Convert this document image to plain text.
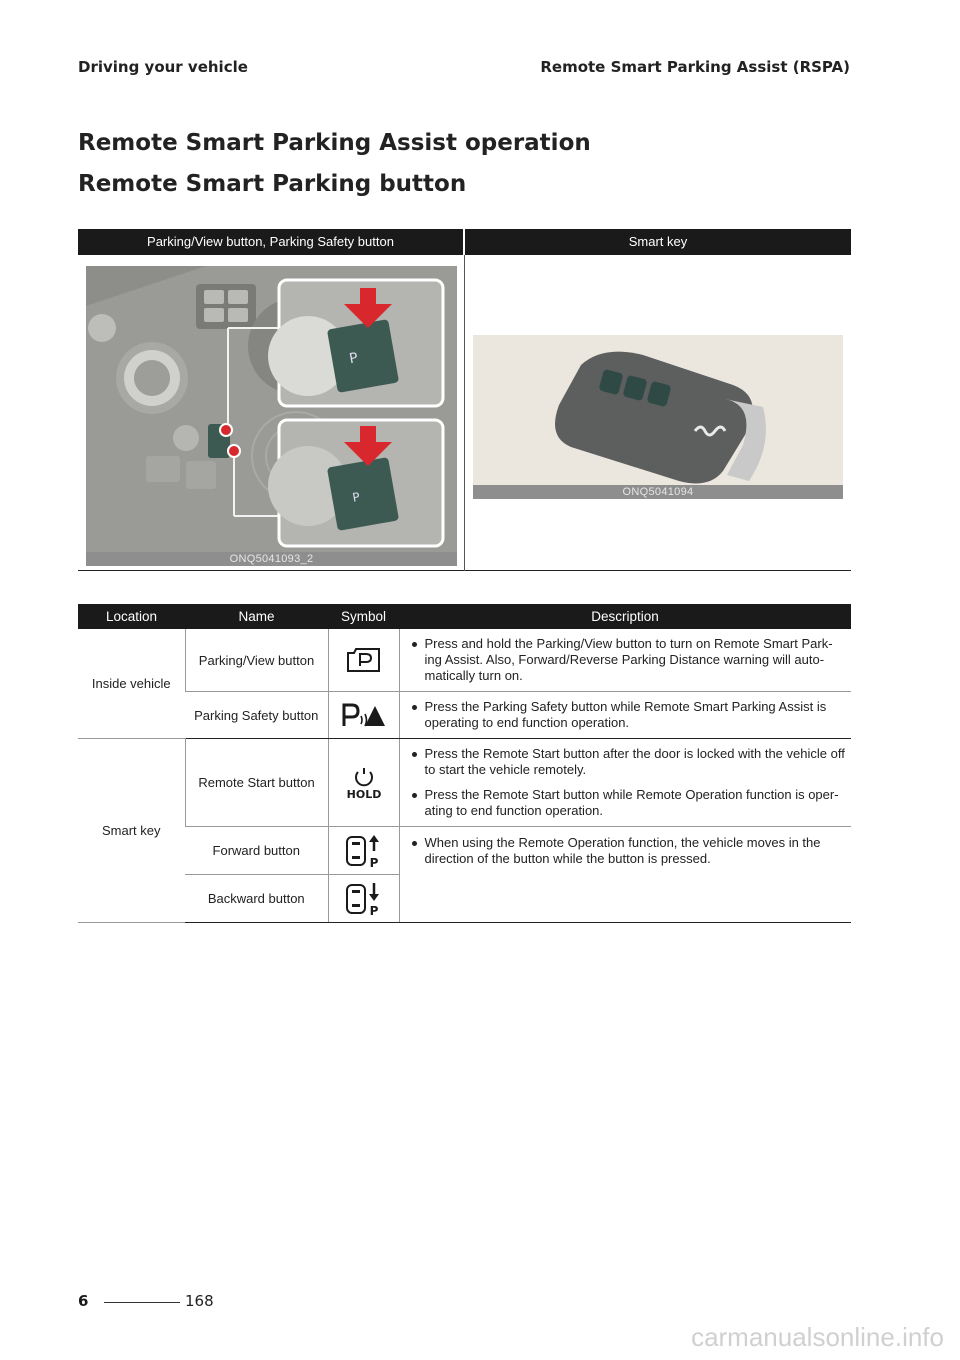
Driving your vehicle	Remote Smart Parking Assist (RSPA)
Remote Smart Parking Assist operation
Remote Smart Parking button
Parking/View button, Parking Safety button	Smart key
P
P
ONQ5041093_2
ONQ5041094
Location	Name	Symbol	Description
Inside vehicle	Parking/View button		Press and hold the Parking/View button to turn on Remote Smart Park-ing Assist. Also, Forward/Reverse Parking Distance warning will auto-matically turn on.

	Parking Safety button		Press the Parking Safety button while Remote Smart Parking Assist is operating to end function operation.

Smart key	Remote Start button	HOLD	Press the Remote Start button after the door is locked with the vehicle off to start the vehicle remotely.
Press the Remote Start button while Remote Operation function is oper-ating to end function operation.

	Forward button	P	When using the Remote Operation function, the vehicle moves in the direction of the button while the button is pressed.

	Backward button	P	
6	168
carmanualsonline.info
